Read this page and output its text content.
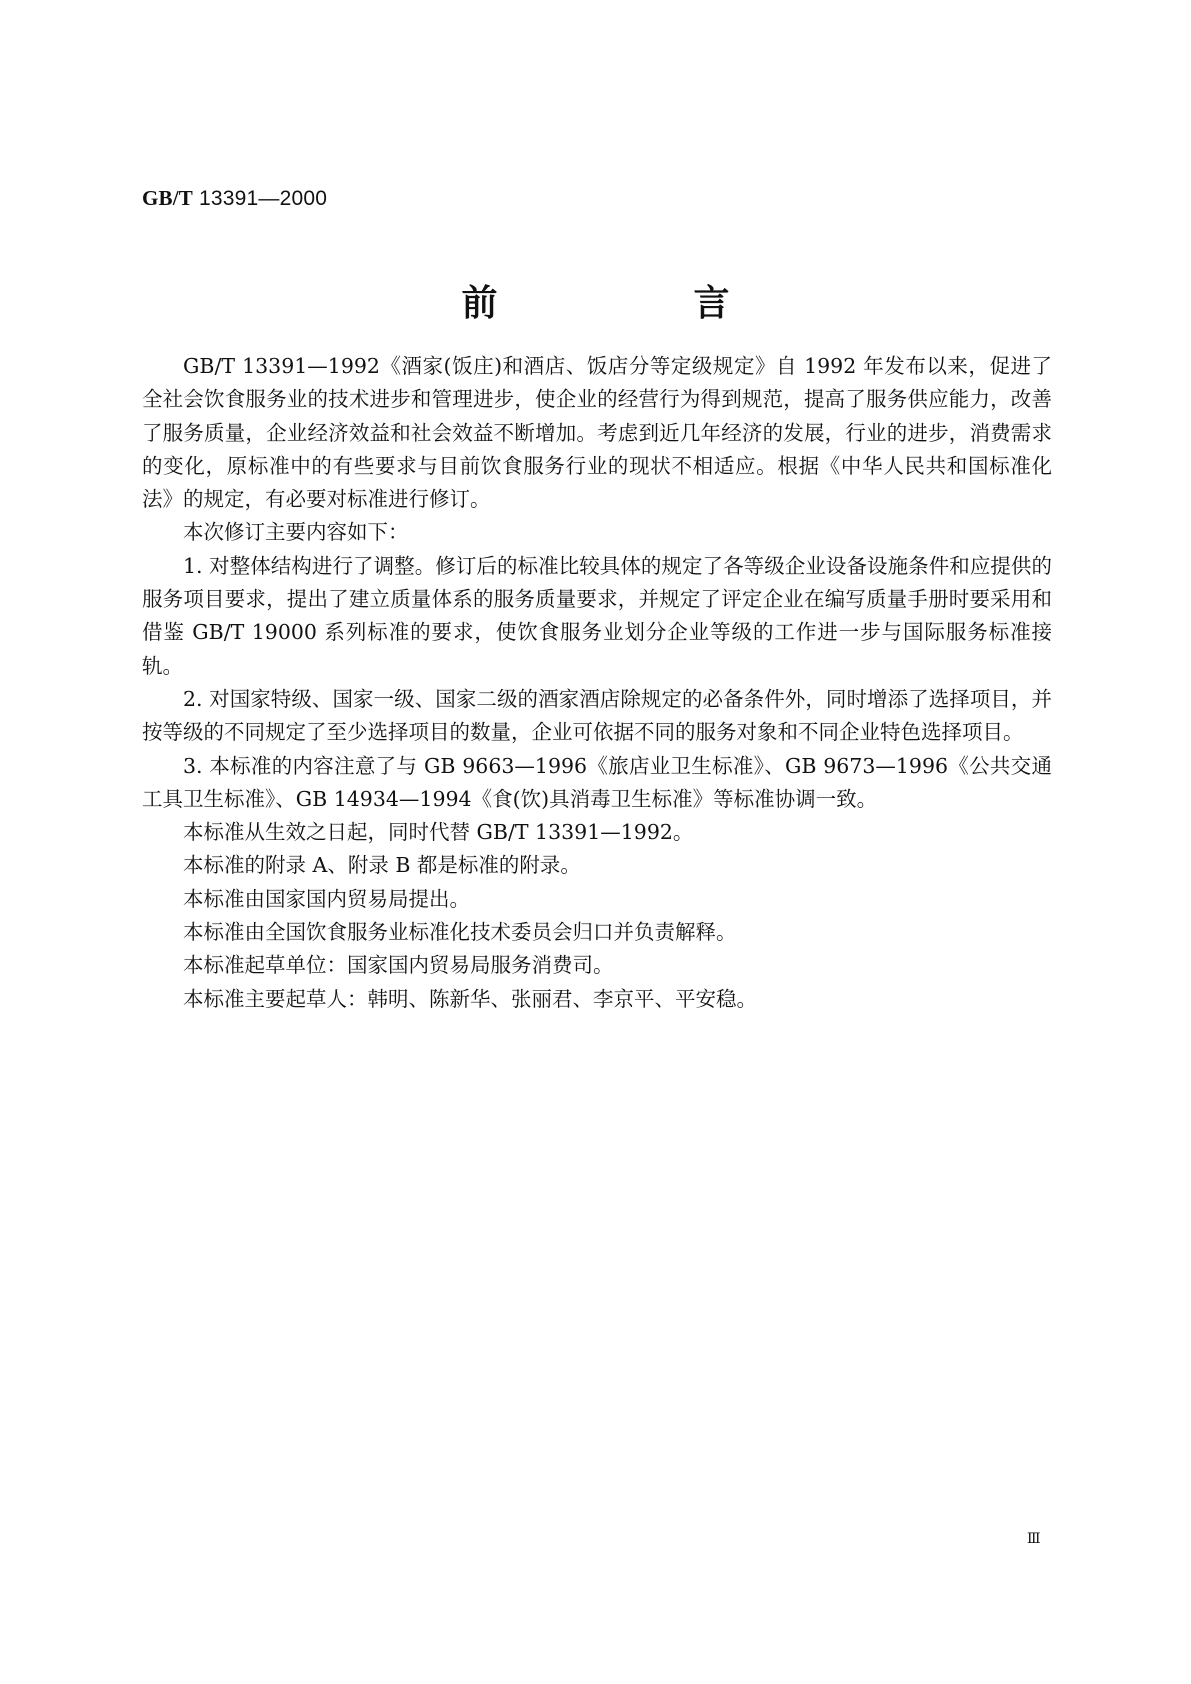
GB/T 13391—2000
前　言

GB/T 13391—1992《酒家(饭庄)和酒店、饭店分等定级规定》自 1992 年发布以来，促进了全社会饮食服务业的技术进步和管理进步，使企业的经营行为得到规范，提高了服务供应能力，改善了服务质量，企业经济效益和社会效益不断增加。考虑到近几年经济的发展，行业的进步，消费需求的变化，原标准中的有些要求与目前饮食服务行业的现状不相适应。根据《中华人民共和国标准化法》的规定，有必要对标准进行修订。

本次修订主要内容如下：

1. 对整体结构进行了调整。修订后的标准比较具体的规定了各等级企业设备设施条件和应提供的服务项目要求，提出了建立质量体系的服务质量要求，并规定了评定企业在编写质量手册时要采用和借鉴 GB/T 19000 系列标准的要求，使饮食服务业划分企业等级的工作进一步与国际服务标准接轨。

2. 对国家特级、国家一级、国家二级的酒家酒店除规定的必备条件外，同时增添了选择项目，并按等级的不同规定了至少选择项目的数量，企业可依据不同的服务对象和不同企业特色选择项目。

3. 本标准的内容注意了与 GB 9663—1996《旅店业卫生标准》、GB 9673—1996《公共交通工具卫生标准》、GB 14934—1994《食(饮)具消毒卫生标准》等标准协调一致。

本标准从生效之日起，同时代替 GB/T 13391—1992。

本标准的附录 A、附录 B 都是标准的附录。

本标准由国家国内贸易局提出。

本标准由全国饮食服务业标准化技术委员会归口并负责解释。

本标准起草单位：国家国内贸易局服务消费司。

本标准主要起草人：韩明、陈新华、张丽君、李京平、平安稳。

Ⅲ
